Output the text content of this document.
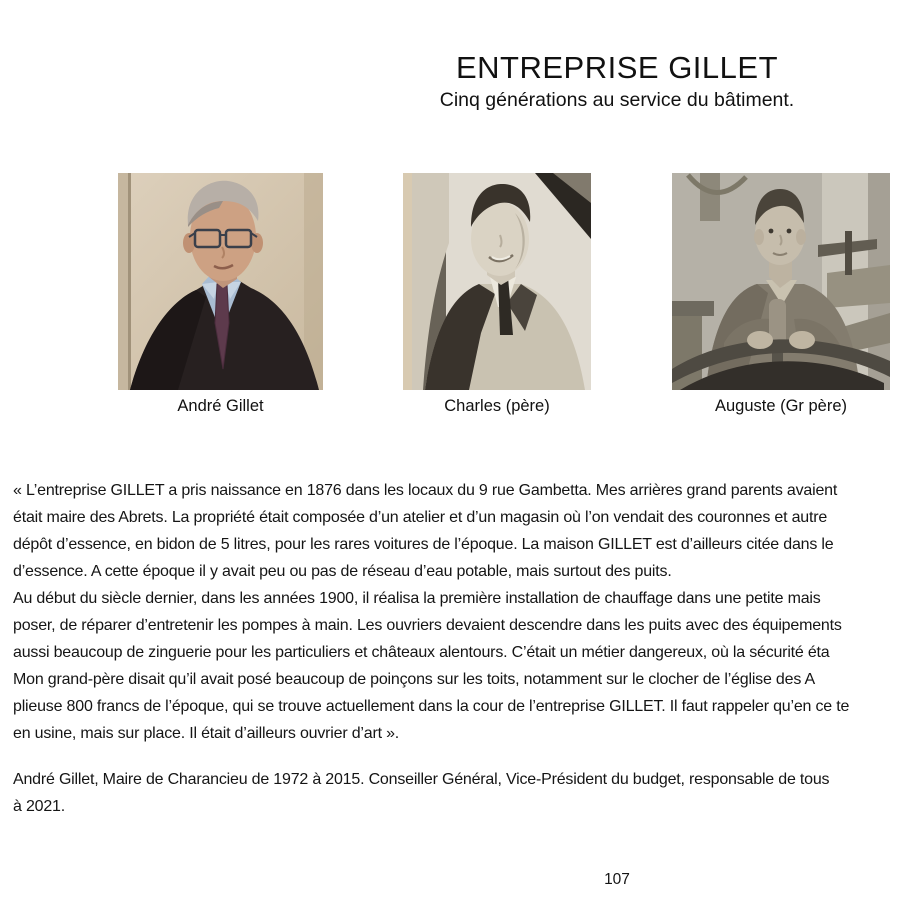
ENTREPRISE GILLET
Cinq générations au service du bâtiment.
André Gillet	Charles (père)	Auguste (Gr père)
« L’entreprise GILLET a pris naissance en 1876 dans les locaux du 9 rue Gambetta. Mes arrières grand parents avaient
était maire des Abrets. La propriété était composée d’un atelier et d’un magasin où l’on vendait des couronnes et autre
dépôt d’essence, en bidon de 5 litres, pour les rares voitures de l’époque. La maison GILLET est d’ailleurs citée dans le
d’essence. A cette époque il y avait peu ou pas de réseau d’eau potable, mais surtout des puits.
Au début du siècle dernier, dans les années 1900, il réalisa la première installation de chauffage dans une petite mais
poser, de réparer d’entretenir les pompes à main. Les ouvriers devaient descendre dans les puits avec des équipements
aussi beaucoup de zinguerie pour les particuliers et châteaux alentours. C’était un métier dangereux, où la sécurité éta
Mon grand-père disait qu’il avait posé beaucoup de poinçons sur les toits, notamment sur le clocher de l’église des A
plieuse 800 francs de l’époque, qui se trouve actuellement dans la cour de l’entreprise GILLET. Il faut rappeler qu’en ce te
en usine, mais sur place. Il était d’ailleurs ouvrier d’art ».
André Gillet, Maire de Charancieu de 1972 à 2015. Conseiller Général, Vice-Président du budget, responsable de tous
à 2021.
107
